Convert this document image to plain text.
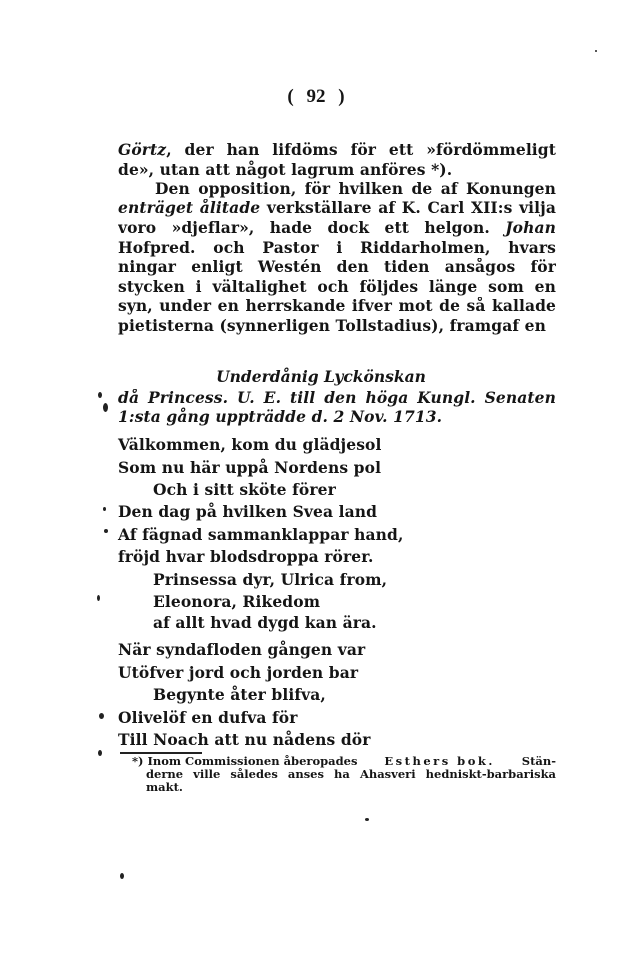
( 92 )
Görtz, der han lifdöms för ett »fördömmeligt
de», utan att något lagrum anföres *).
Den opposition, för hvilken de af Konungen
enträget ålitade verkställare af K. Carl XII:s vilja
voro »djeflar», hade dock ett helgon. Johan
Hofpred. och Pastor i Riddarholmen, hvars
ningar enligt Westén den tiden ansågos för
stycken i vältalighet och följdes länge som en
syn, under en herrskande ifver mot de så kallade
pietisterna (synnerligen Tollstadius), framgaf en
Underdånig Lyckönskan
då Princess. U. E. till den höga Kungl. Senaten
1:sta gång uppträdde d. 2 Nov. 1713.
Välkommen, kom du glädjesol
Som nu här uppå Nordens pol
Och i sitt sköte förer
Den dag på hvilken Svea land
Af fägnad sammanklappar hand,
fröjd hvar blodsdroppa rörer.
Prinsessa dyr, Ulrica from,
Eleonora, Rikedom
af allt hvad dygd kan ära.
När syndafloden gången var
Utöfver jord och jorden bar
Begynte åter blifva,
Olivelöf en dufva för
Till Noach att nu nådens dör
*) Inom Commissionen åberopades Esthers bok. Stän-
derne ville således anses ha Ahasveri hedniskt-barbariska
makt.
